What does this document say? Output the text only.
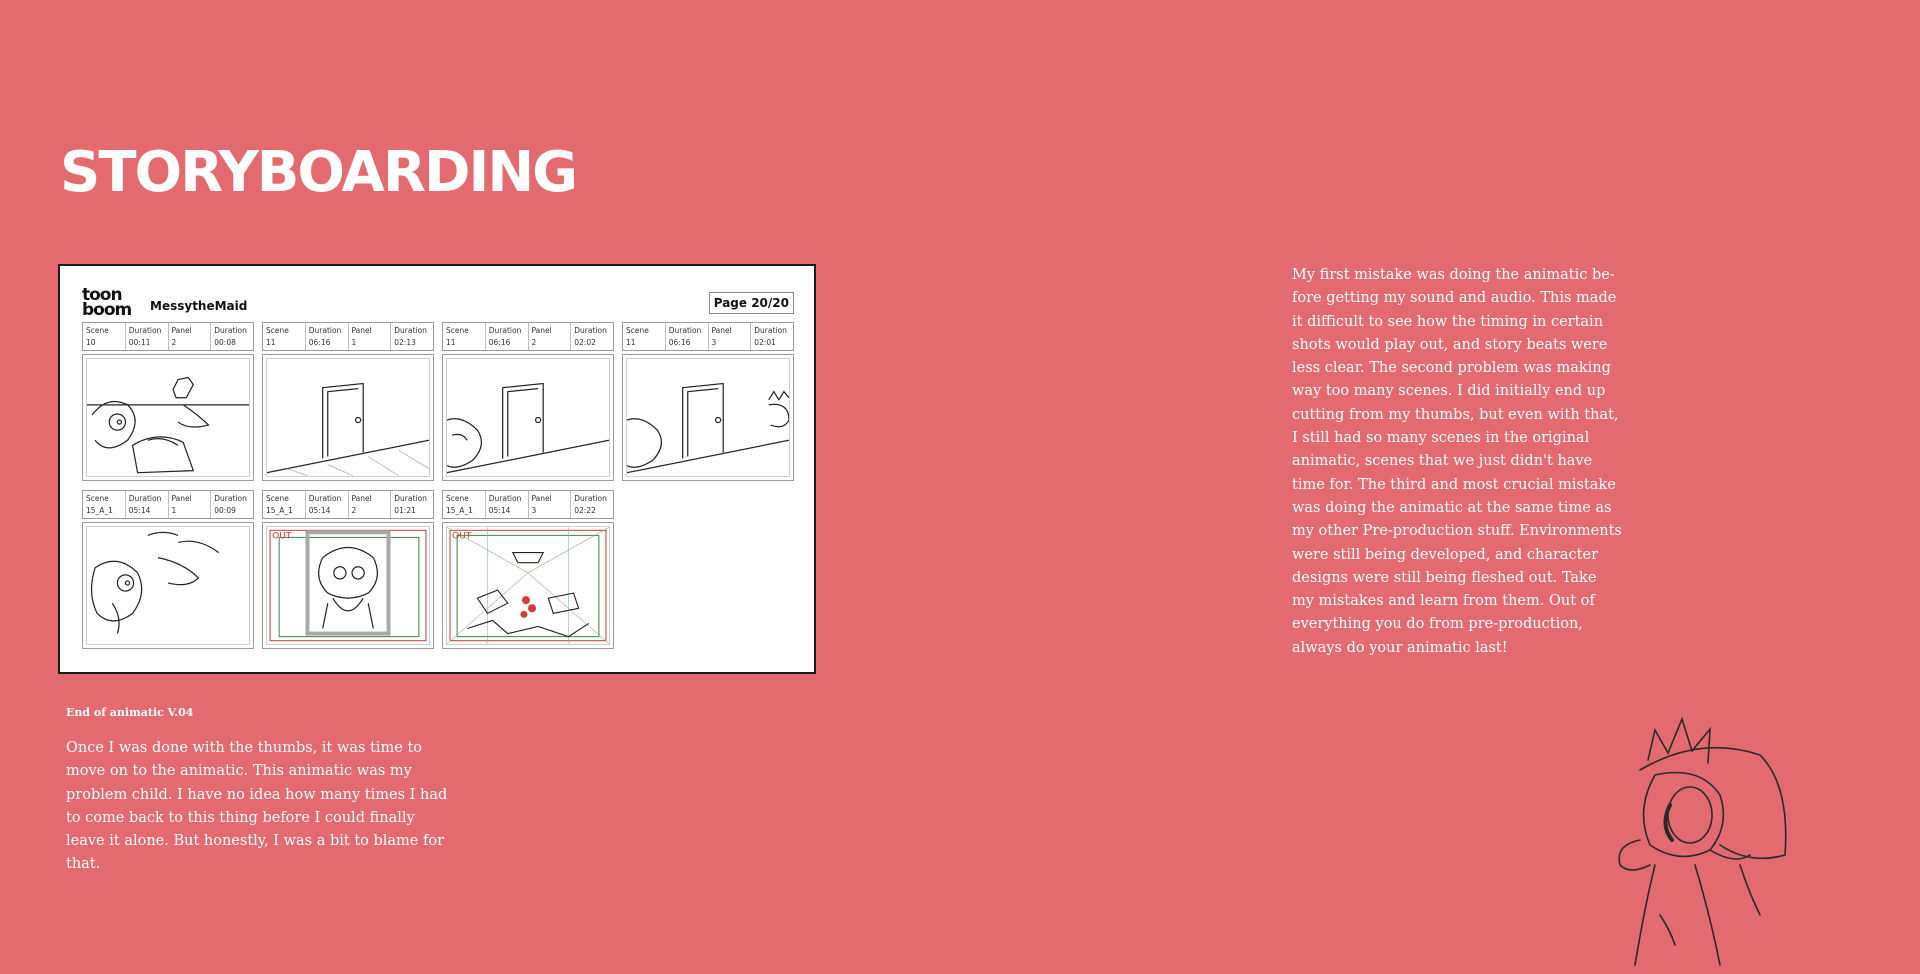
STORYBOARDING
toon
boom	MessytheMaid	Page 20/20
Scene
10
Duration
00:11
Panel
2
Duration
00:08
Scene
11
Duration
06:16
Panel
1
Duration
02:13
Scene
11
Duration
06:16
Panel
2
Duration
02:02
Scene
11
Duration
06:16
Panel
3
Duration
02:01
Scene
15_A_1
Duration
05:14
Panel
1
Duration
00:09
Scene
15_A_1
Duration
05:14
Panel
2
Duration
01:21
OUT
Scene
15_A_1
Duration
05:14
Panel
3
Duration
02:22
OUT

End of animatic V.04

Once I was done with the thumbs, it was time to move on to the animatic. This animatic was my problem child. I have no idea how many times I had to come back to this thing before I could finally leave it alone. But honestly, I was a bit to blame for that.

My first mistake was doing the animatic be-fore getting my sound and audio. This made it difficult to see how the timing in certain shots would play out, and story beats were less clear. The second problem was making way too many scenes. I did initially end up cutting from my thumbs, but even with that, I still had so many scenes in the original animatic, scenes that we just didn't have time for. The third and most crucial mistake was doing the animatic at the same time as my other Pre-production stuff. Environments were still being developed, and character designs were still being fleshed out. Take my mistakes and learn from them. Out of everything you do from pre-production, always do your animatic last!
